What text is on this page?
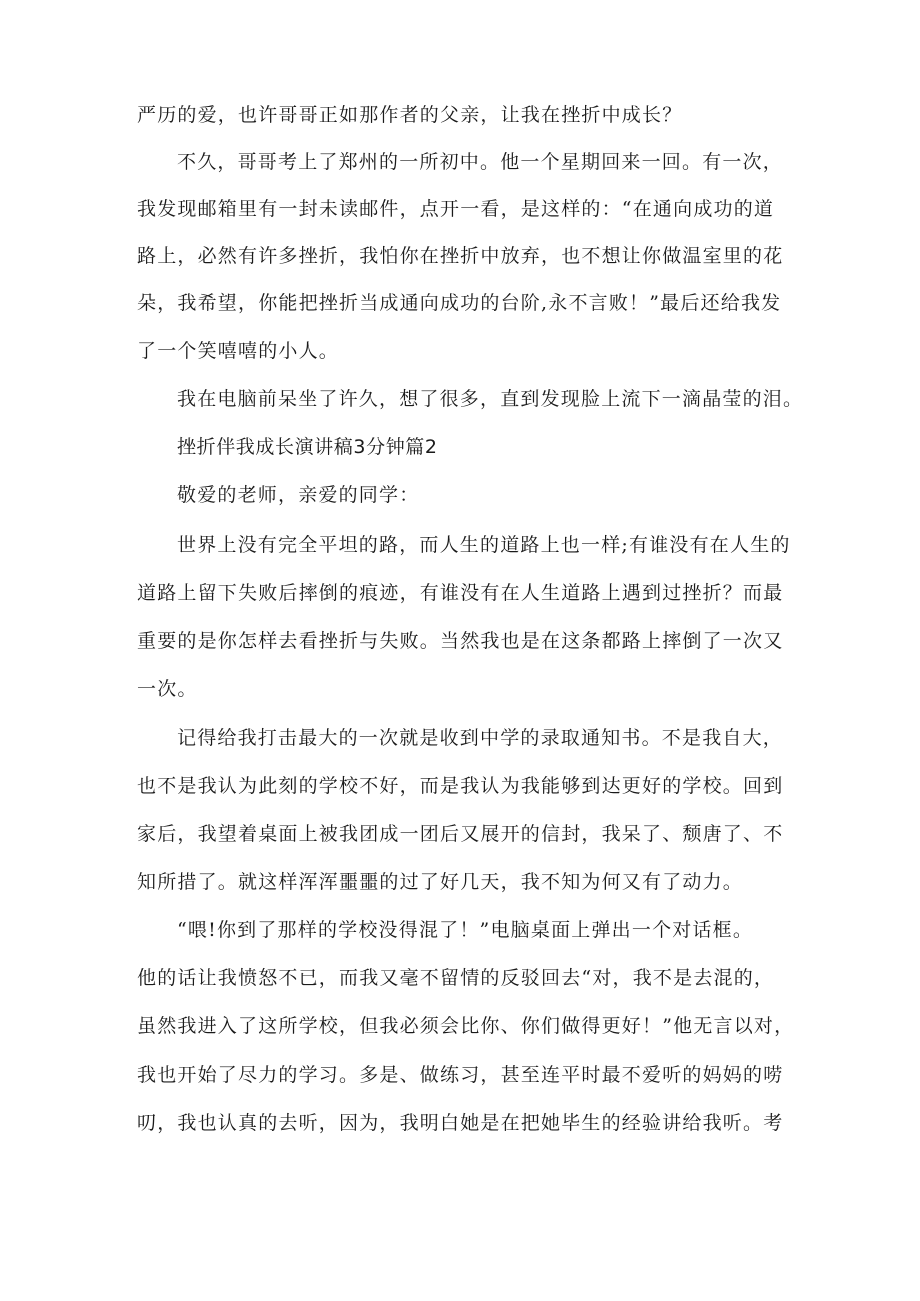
严历的爱，也许哥哥正如那作者的父亲，让我在挫折中成长？
不久，哥哥考上了郑州的一所初中。他一个星期回来一回。有一次，
我发现邮箱里有一封未读邮件，点开一看，是这样的：“在通向成功的道
路上，必然有许多挫折，我怕你在挫折中放弃，也不想让你做温室里的花
朵，我希望，你能把挫折当成通向成功的台阶,永不言败！”最后还给我发
了一个笑嘻嘻的小人。
我在电脑前呆坐了许久，想了很多，直到发现脸上流下一滴晶莹的泪。
挫折伴我成长演讲稿3分钟篇2
敬爱的老师，亲爱的同学：
世界上没有完全平坦的路，而人生的道路上也一样;有谁没有在人生的
道路上留下失败后摔倒的痕迹，有谁没有在人生道路上遇到过挫折？而最
重要的是你怎样去看挫折与失败。当然我也是在这条都路上摔倒了一次又
一次。
记得给我打击最大的一次就是收到中学的录取通知书。不是我自大，
也不是我认为此刻的学校不好，而是我认为我能够到达更好的学校。回到
家后，我望着桌面上被我团成一团后又展开的信封，我呆了、颓唐了、不
知所措了。就这样浑浑噩噩的过了好几天，我不知为何又有了动力。
“喂!你到了那样的学校没得混了！”电脑桌面上弹出一个对话框。
他的话让我愤怒不已，而我又毫不留情的反驳回去“对，我不是去混的，
虽然我进入了这所学校，但我必须会比你、你们做得更好！”他无言以对，
我也开始了尽力的学习。多是、做练习，甚至连平时最不爱听的妈妈的唠
叨，我也认真的去听，因为，我明白她是在把她毕生的经验讲给我听。考
